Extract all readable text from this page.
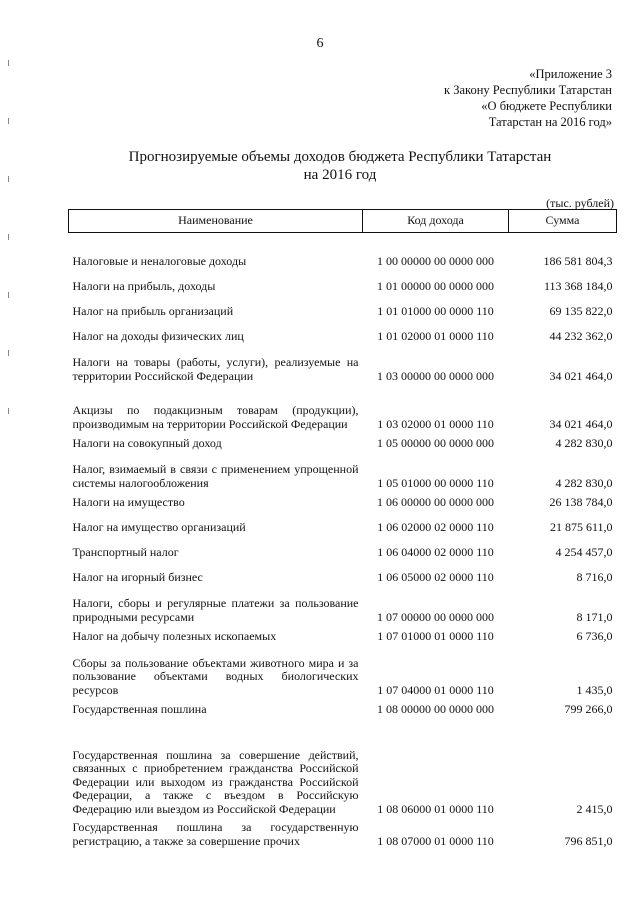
6
«Приложение 3
к Закону Республики Татарстан
«О бюджете Республики
Татарстан на 2016 год»
Прогнозируемые объемы доходов бюджета Республики Татарстан
на 2016 год
(тыс. рублей)
Наименование	Код дохода	Сумма

Налоговые и неналоговые доходы	1 00 00000 00 0000 000	186 581 804,3
Налоги на прибыль, доходы	1 01 00000 00 0000 000	113 368 184,0
Налог на прибыль организаций	1 01 01000 00 0000 110	69 135 822,0
Налог на доходы физических лиц	1 01 02000 01 0000 110	44 232 362,0
Налоги на товары (работы, услуги), реализуемые на территории Российской Федерации	1 03 00000 00 0000 000	34 021 464,0
Акцизы по подакцизным товарам (продукции), производимым на территории Российской Федерации	1 03 02000 01 0000 110	34 021 464,0
Налоги на совокупный доход	1 05 00000 00 0000 000	4 282 830,0
Налог, взимаемый в связи с применением упрощенной системы налогообложения	1 05 01000 00 0000 110	4 282 830,0
Налоги на имущество	1 06 00000 00 0000 000	26 138 784,0
Налог на имущество организаций	1 06 02000 02 0000 110	21 875 611,0
Транспортный налог	1 06 04000 02 0000 110	4 254 457,0
Налог на игорный бизнес	1 06 05000 02 0000 110	8 716,0
Налоги, сборы и регулярные платежи за пользование природными ресурсами	1 07 00000 00 0000 000	8 171,0
Налог на добычу полезных ископаемых	1 07 01000 01 0000 110	6 736,0
Сборы за пользование объектами животного мира и за пользование объектами водных биологических ресурсов	1 07 04000 01 0000 110	1 435,0
Государственная пошлина	1 08 00000 00 0000 000	799 266,0
Государственная пошлина за совершение действий, связанных с приобретением гражданства Российской Федерации или выходом из гражданства Российской Федерации, а также с въездом в Российскую Федерацию или выездом из Российской Федерации	1 08 06000 01 0000 110	2 415,0
Государственная пошлина за государственную регистрацию, а также за совершение прочих	1 08 07000 01 0000 110	796 851,0
